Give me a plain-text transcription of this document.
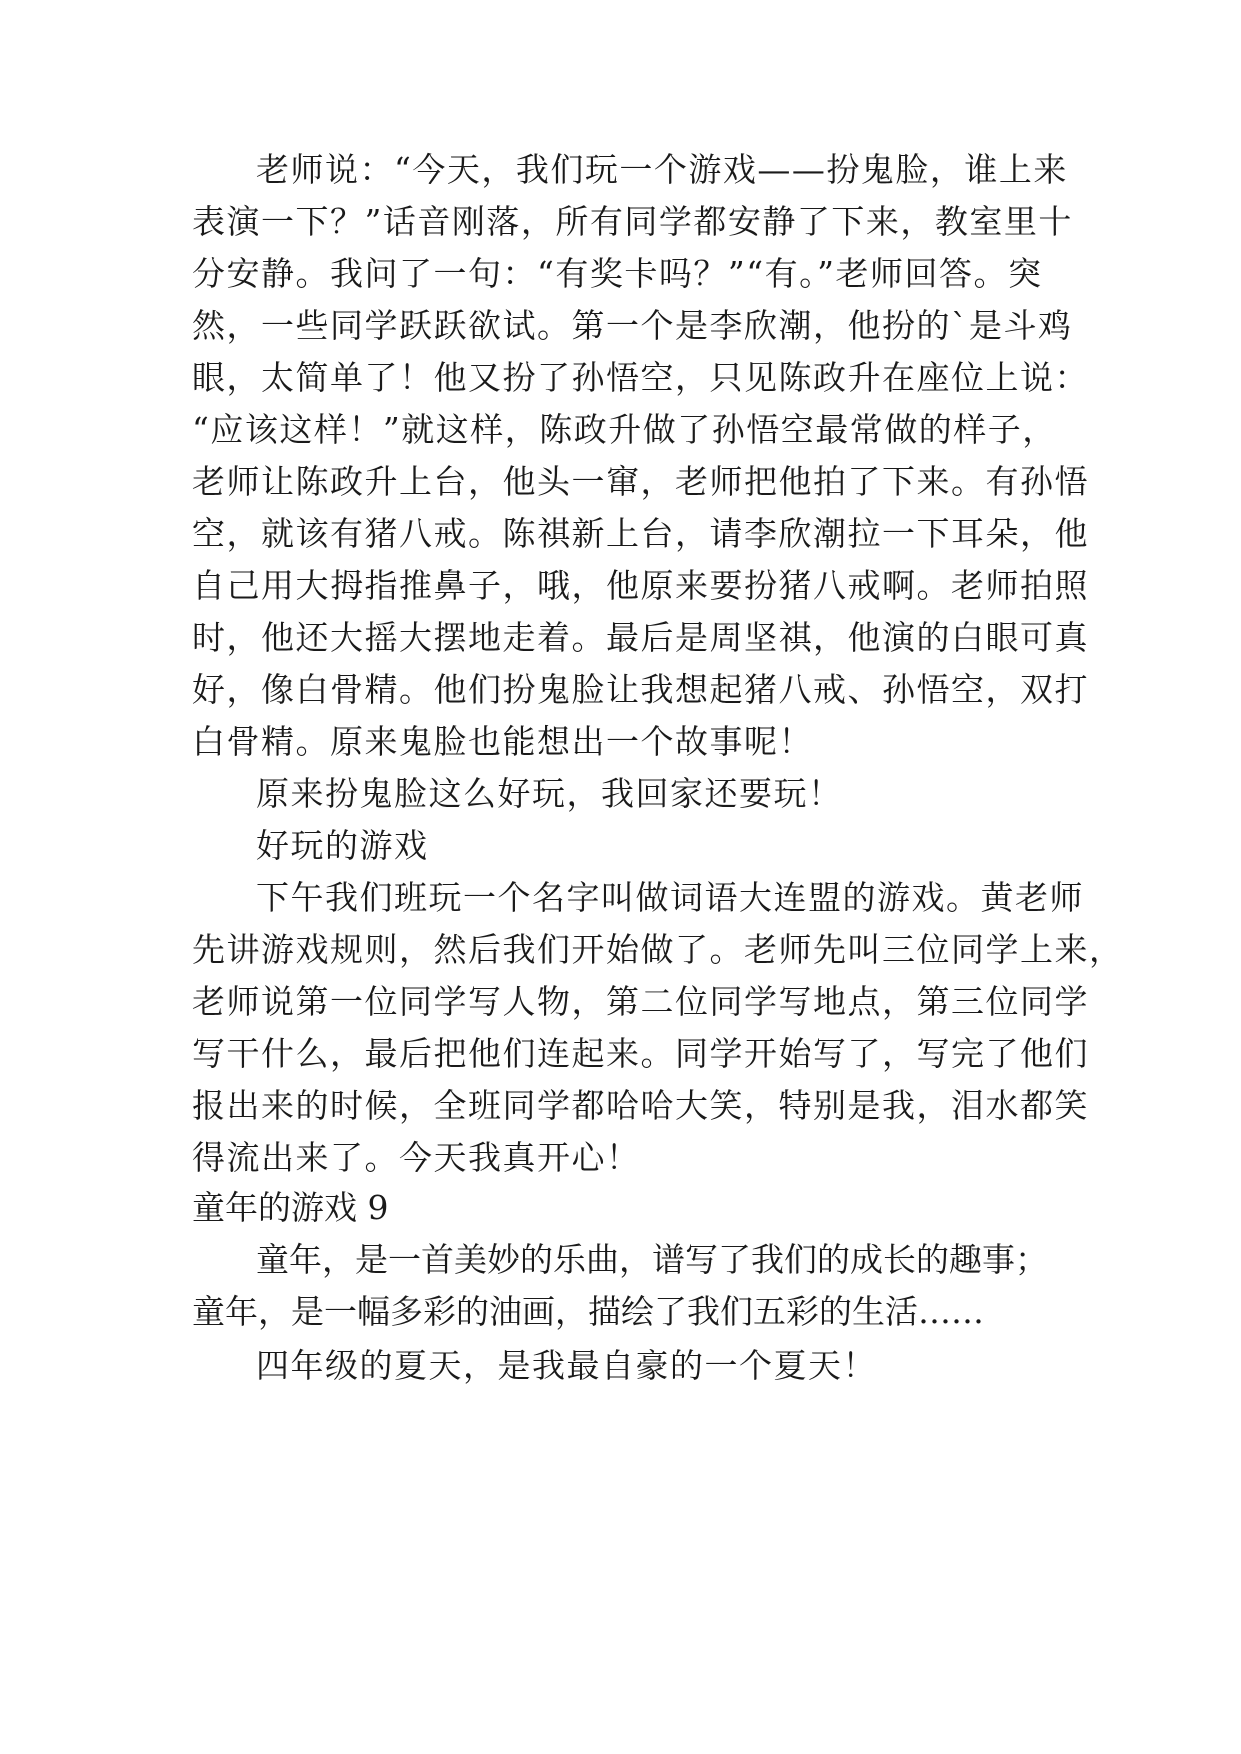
老师说：“今天，我们玩一个游戏——扮鬼脸，谁上来
表演一下？”话音刚落，所有同学都安静了下来，教室里十
分安静。我问了一句：“有奖卡吗？”“有。”老师回答。突
然，一些同学跃跃欲试。第一个是李欣潮，他扮的`是斗鸡
眼，太简单了！他又扮了孙悟空，只见陈政升在座位上说：
“应该这样！”就这样，陈政升做了孙悟空最常做的样子，
老师让陈政升上台，他头一窜，老师把他拍了下来。有孙悟
空，就该有猪八戒。陈祺新上台，请李欣潮拉一下耳朵，他
自己用大拇指推鼻子，哦，他原来要扮猪八戒啊。老师拍照
时，他还大摇大摆地走着。最后是周坚祺，他演的白眼可真
好，像白骨精。他们扮鬼脸让我想起猪八戒、孙悟空，双打
白骨精。原来鬼脸也能想出一个故事呢！
原来扮鬼脸这么好玩，我回家还要玩！
好玩的游戏
下午我们班玩一个名字叫做词语大连盟的游戏。黄老师
先讲游戏规则，然后我们开始做了。老师先叫三位同学上来，
老师说第一位同学写人物，第二位同学写地点，第三位同学
写干什么，最后把他们连起来。同学开始写了，写完了他们
报出来的时候，全班同学都哈哈大笑，特别是我，泪水都笑
得流出来了。今天我真开心！
童年的游戏 9
童年，是一首美妙的乐曲，谱写了我们的成长的趣事；
童年，是一幅多彩的油画，描绘了我们五彩的生活……
四年级的夏天，是我最自豪的一个夏天！
